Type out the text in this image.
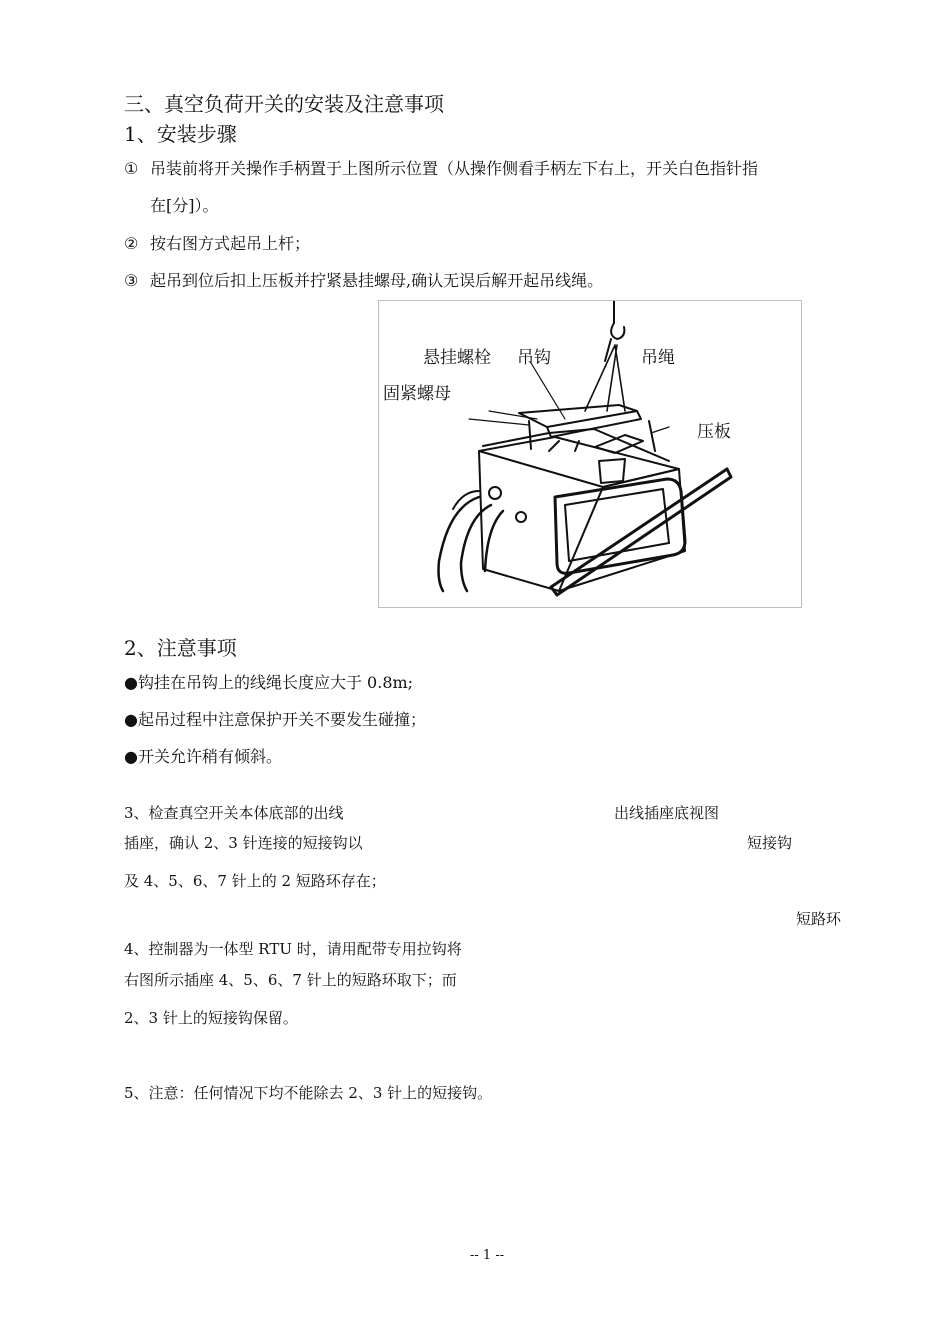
三、真空负荷开关的安装及注意事项
1、安装步骤
① 吊装前将开关操作手柄置于上图所示位置（从操作侧看手柄左下右上，开关白色指针指
在[分]）。
② 按右图方式起吊上杆；
③ 起吊到位后扣上压板并拧紧悬挂螺母,确认无误后解开起吊线绳。
悬挂螺栓 吊钩	吊绳
固紧螺母
压板
2、注意事项
●钩挂在吊钩上的线绳长度应大于 0.8m;
●起吊过程中注意保护开关不要发生碰撞；
●开关允许稍有倾斜。
3、检查真空开关本体底部的出线	出线插座底视图
插座，确认 2、3 针连接的短接钩以	短接钩
及 4、5、6、7 针上的 2 短路环存在；
短路环
4、控制器为一体型 RTU 时，请用配带专用拉钩将
右图所示插座 4、5、6、7 针上的短路环取下；而
2、3 针上的短接钩保留。
5、注意：任何情况下均不能除去 2、3 针上的短接钩。
-- 1 --
